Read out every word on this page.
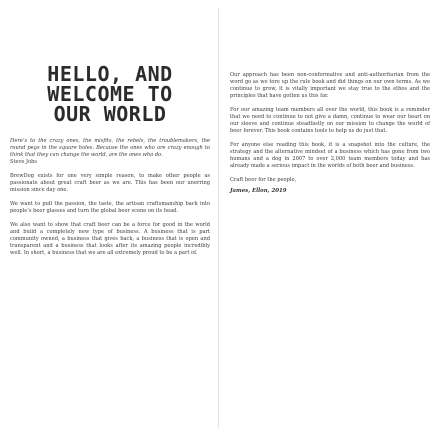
HELLO, AND
WELCOME TO
OUR WORLD

Here’s to the crazy ones, the misfits, the rebels, the troublemakers, the round pegs in the square holes. Because the ones who are crazy enough to think that they can change the world, are the ones who do.
Steve Jobs

BrewDog exists for one very simple reason, to make other people as passionate about great craft beer as we are. This has been our unerring mission since day one.

We want to pull the passion, the taste, the artisan craftsmanship back into people’s beer glasses and turn the global beer scene on its head.

We also want to show that craft beer can be a force for good in the world and build a completely new type of business. A business that is part community owned, a business that gives back, a business that is open and transparent and a business that looks after its amazing people incredibly well. In short, a business that we are all extremely proud to be a part of.

Our approach has been non-conformative and anti-authoritarian from the word go as we tore up the rule book and did things on our own terms. As we continue to grow, it is vitally important we stay true to the ethos and the principles that have gotten us this far.

For our amazing team members all over the world, this book is a reminder that we need to continue to not give a damn, continue to wear our heart on our sleeve and continue steadfastly on our mission to change the world of beer forever. This book contains tools to help us do just that.

For anyone else reading this book, it is a snapshot into the culture, the strategy and the alternative mindset of a business which has gone from two humans and a dog in 2007 to over 2,000 team members today and has already made a serious impact in the worlds of both beer and business.

Craft beer for the people,

James, Ellon, 2019
